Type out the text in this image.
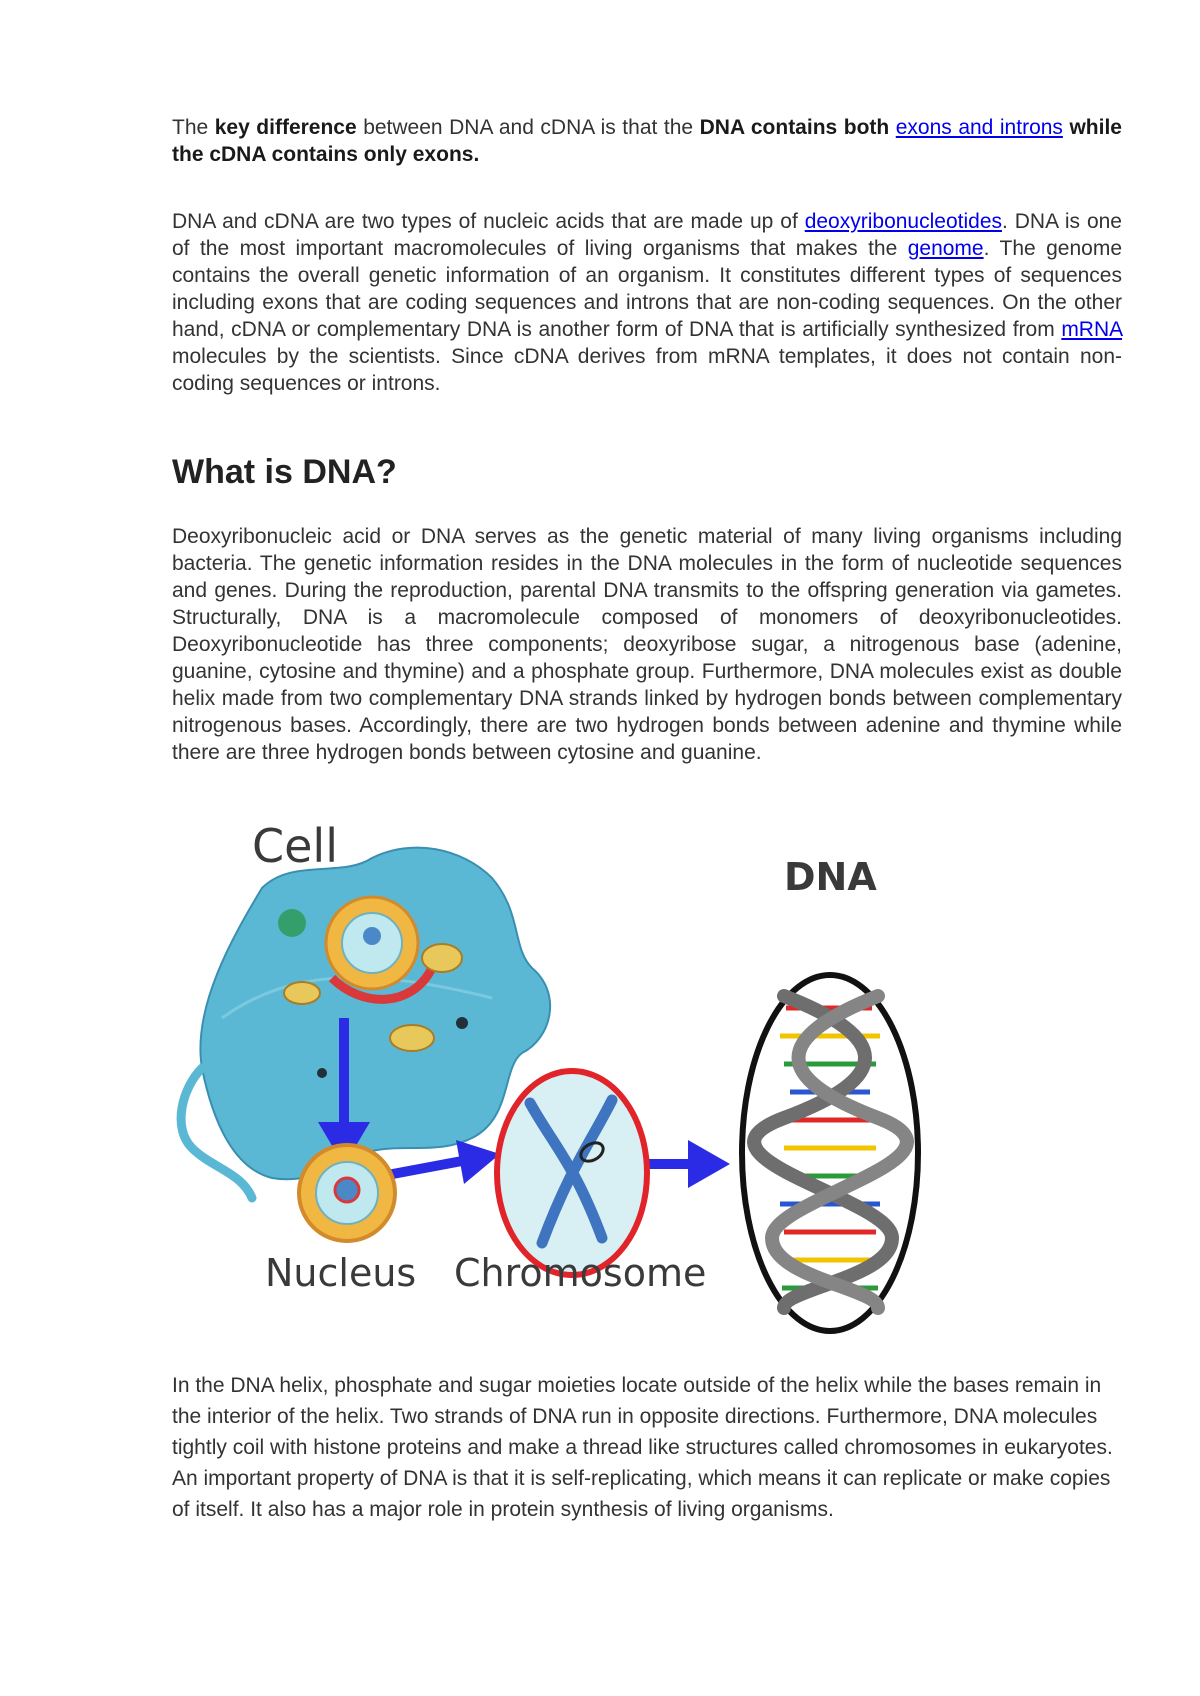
The key difference between DNA and cDNA is that the DNA contains both exons and introns while the cDNA contains only exons.

DNA and cDNA are two types of nucleic acids that are made up of deoxyribonucleotides. DNA is one of the most important macromolecules of living organisms that makes the genome. The genome contains the overall genetic information of an organism. It constitutes different types of sequences including exons that are coding sequences and introns that are non-coding sequences. On the other hand, cDNA or complementary DNA is another form of DNA that is artificially synthesized from mRNA molecules by the scientists. Since cDNA derives from mRNA templates, it does not contain non-coding sequences or introns.

What is DNA?

Deoxyribonucleic acid or DNA serves as the genetic material of many living organisms including bacteria. The genetic information resides in the DNA molecules in the form of nucleotide sequences and genes. During the reproduction, parental DNA transmits to the offspring generation via gametes. Structurally, DNA is a macromolecule composed of monomers of deoxyribonucleotides. Deoxyribonucleotide has three components; deoxyribose sugar, a nitrogenous base (adenine, guanine, cytosine and thymine) and a phosphate group. Furthermore, DNA molecules exist as double helix made from two complementary DNA strands linked by hydrogen bonds between complementary nitrogenous bases. Accordingly, there are two hydrogen bonds between adenine and thymine while there are three hydrogen bonds between cytosine and guanine.

In the DNA helix, phosphate and sugar moieties locate outside of the helix while the bases remain in the interior of the helix. Two strands of DNA run in opposite directions. Furthermore, DNA molecules tightly coil with histone proteins and make a thread like structures called chromosomes in eukaryotes. An important property of DNA is that it is self-replicating, which means it can replicate or make copies of itself. It also has a major role in protein synthesis of living organisms.

Cell
DNA
Nucleus Chromosome
